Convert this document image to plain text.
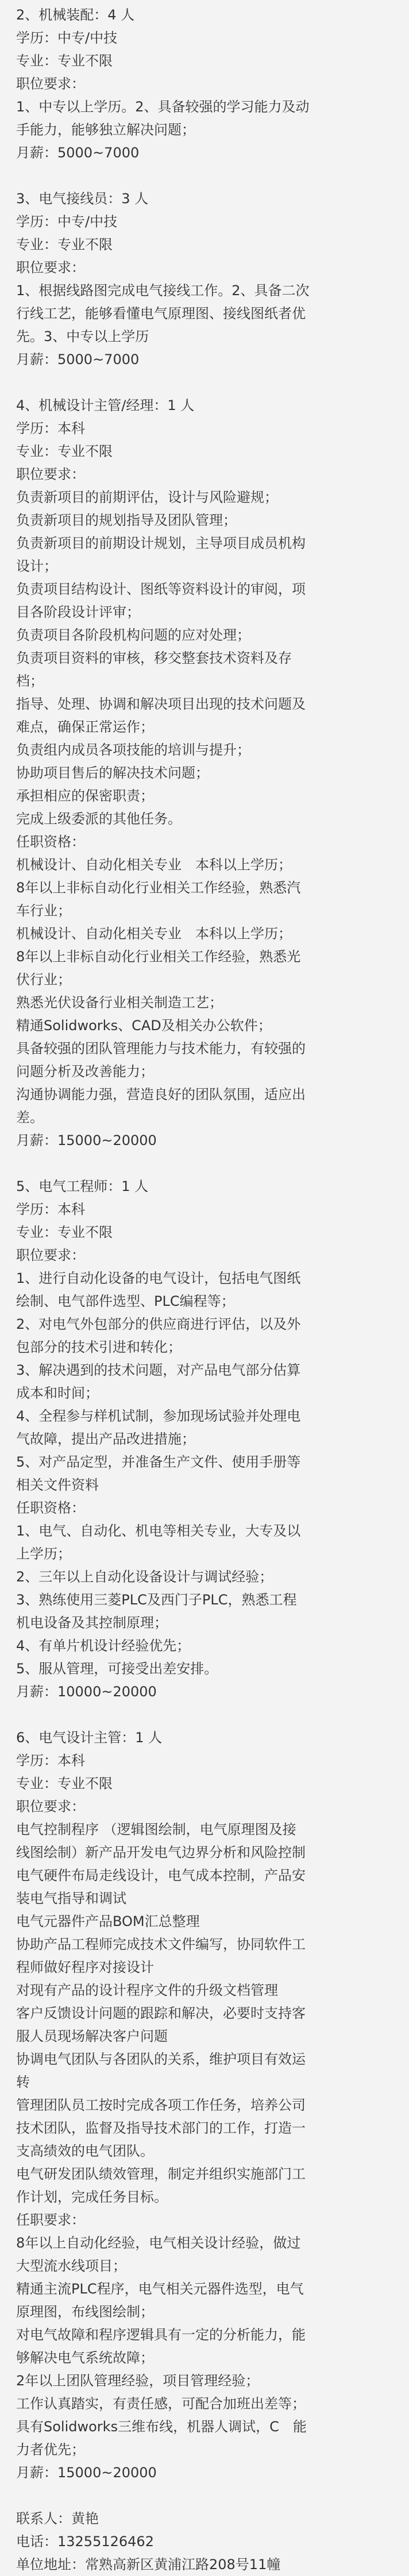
2、机械装配：4 人

学历：中专/中技

专业：专业不限

职位要求：

1、中专以上学历。2、具备较强的学习能力及动

手能力，能够独立解决问题；

月薪：5000~7000

3、电气接线员：3 人

学历：中专/中技

专业：专业不限

职位要求：

1、根据线路图完成电气接线工作。2、具备二次

行线工艺，能够看懂电气原理图、接线图纸者优

先。3、中专以上学历

月薪：5000~7000

4、机械设计主管/经理：1 人

学历：本科

专业：专业不限

职位要求：

负责新项目的前期评估，设计与风险避规；

负责新项目的规划指导及团队管理；

负责新项目的前期设计规划，主导项目成员机构

设计；

负责项目结构设计、图纸等资料设计的审阅，项

目各阶段设计评审；

负责项目各阶段机构问题的应对处理；

负责项目资料的审核，移交整套技术资料及存

档；

指导、处理、协调和解决项目出现的技术问题及

难点，确保正常运作；

负责组内成员各项技能的培训与提升；

协助项目售后的解决技术问题；

承担相应的保密职责；

完成上级委派的其他任务。

任职资格：

机械设计、自动化相关专业　本科以上学历；

8年以上非标自动化行业相关工作经验，熟悉汽

车行业；

机械设计、自动化相关专业　本科以上学历；

8年以上非标自动化行业相关工作经验，熟悉光

伏行业；

熟悉光伏设备行业相关制造工艺；

精通Solidworks、CAD及相关办公软件；

具备较强的团队管理能力与技术能力，有较强的

问题分析及改善能力；

沟通协调能力强，营造良好的团队氛围，适应出

差。

月薪：15000~20000

5、电气工程师：1 人

学历：本科

专业：专业不限

职位要求：

1、进行自动化设备的电气设计，包括电气图纸

绘制、电气部件选型、PLC编程等；

2、对电气外包部分的供应商进行评估，以及外

包部分的技术引进和转化；

3、解决遇到的技术问题，对产品电气部分估算

成本和时间；

4、全程参与样机试制，参加现场试验并处理电

气故障，提出产品改进措施；

5、对产品定型，并准备生产文件、使用手册等

相关文件资料

任职资格：

1、电气、自动化、机电等相关专业，大专及以

上学历；

2、三年以上自动化设备设计与调试经验；

3、熟练使用三菱PLC及西门子PLC，熟悉工程

机电设备及其控制原理；

4、有单片机设计经验优先；

5、服从管理，可接受出差安排。

月薪：10000~20000

6、电气设计主管：1 人

学历：本科

专业：专业不限

职位要求：

电气控制程序 （逻辑图绘制，电气原理图及接

线图绘制）新产品开发电气边界分析和风险控制

电气硬件布局走线设计，电气成本控制，产品安

装电气指导和调试

电气元器件产品BOM汇总整理

协助产品工程师完成技术文件编写，协同软件工

程师做好程序对接设计

对现有产品的设计程序文件的升级文档管理

客户反馈设计问题的跟踪和解决，必要时支持客

服人员现场解决客户问题

协调电气团队与各团队的关系，维护项目有效运

转

管理团队员工按时完成各项工作任务，培养公司

技术团队，监督及指导技术部门的工作，打造一

支高绩效的电气团队。

电气研发团队绩效管理，制定并组织实施部门工

作计划，完成任务目标。

任职要求：

8年以上自动化经验，电气相关设计经验，做过

大型流水线项目；

精通主流PLC程序，电气相关元器件选型，电气

原理图，布线图绘制；

对电气故障和程序逻辑具有一定的分析能力，能

够解决电气系统故障；

2年以上团队管理经验，项目管理经验；

工作认真踏实，有责任感，可配合加班出差等；

具有Solidworks三维布线，机器人调试，C　能

力者优先；

月薪：15000~20000

联系人：黄艳

电话：13255126462

单位地址：常熟高新区黄浦江路208号11幢
